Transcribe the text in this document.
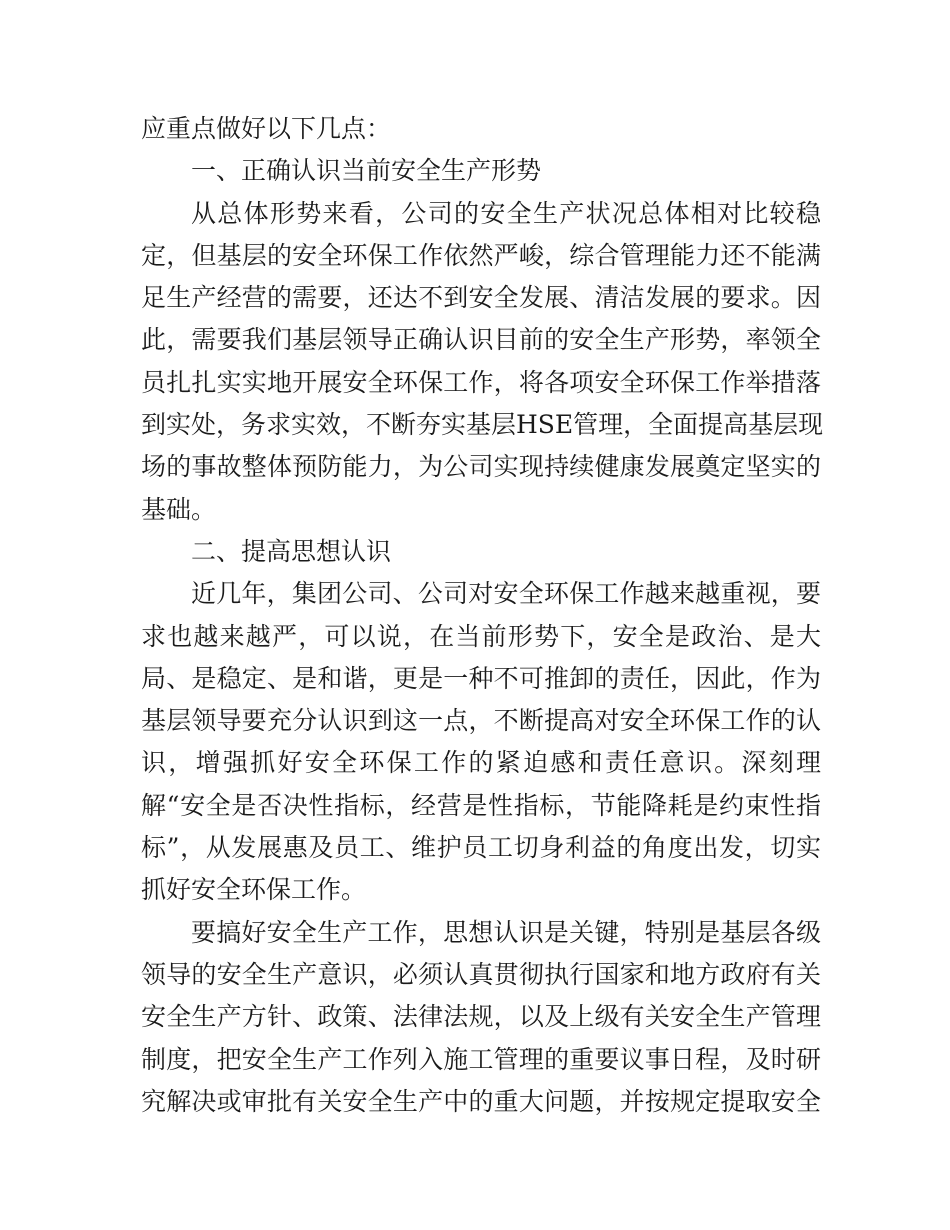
应重点做好以下几点：
一、正确认识当前安全生产形势
从总体形势来看，公司的安全生产状况总体相对比较稳
定，但基层的安全环保工作依然严峻，综合管理能力还不能满
足生产经营的需要，还达不到安全发展、清洁发展的要求。因
此，需要我们基层领导正确认识目前的安全生产形势，率领全
员扎扎实实地开展安全环保工作，将各项安全环保工作举措落
到实处，务求实效，不断夯实基层HSE管理，全面提高基层现
场的事故整体预防能力，为公司实现持续健康发展奠定坚实的
基础。
二、提高思想认识
近几年，集团公司、公司对安全环保工作越来越重视，要
求也越来越严，可以说，在当前形势下，安全是政治、是大
局、是稳定、是和谐，更是一种不可推卸的责任，因此，作为
基层领导要充分认识到这一点，不断提高对安全环保工作的认
识，增强抓好安全环保工作的紧迫感和责任意识。深刻理
解“安全是否决性指标，经营是性指标，节能降耗是约束性指
标”，从发展惠及员工、维护员工切身利益的角度出发，切实
抓好安全环保工作。
要搞好安全生产工作，思想认识是关键，特别是基层各级
领导的安全生产意识，必须认真贯彻执行国家和地方政府有关
安全生产方针、政策、法律法规，以及上级有关安全生产管理
制度，把安全生产工作列入施工管理的重要议事日程，及时研
究解决或审批有关安全生产中的重大问题，并按规定提取安全
